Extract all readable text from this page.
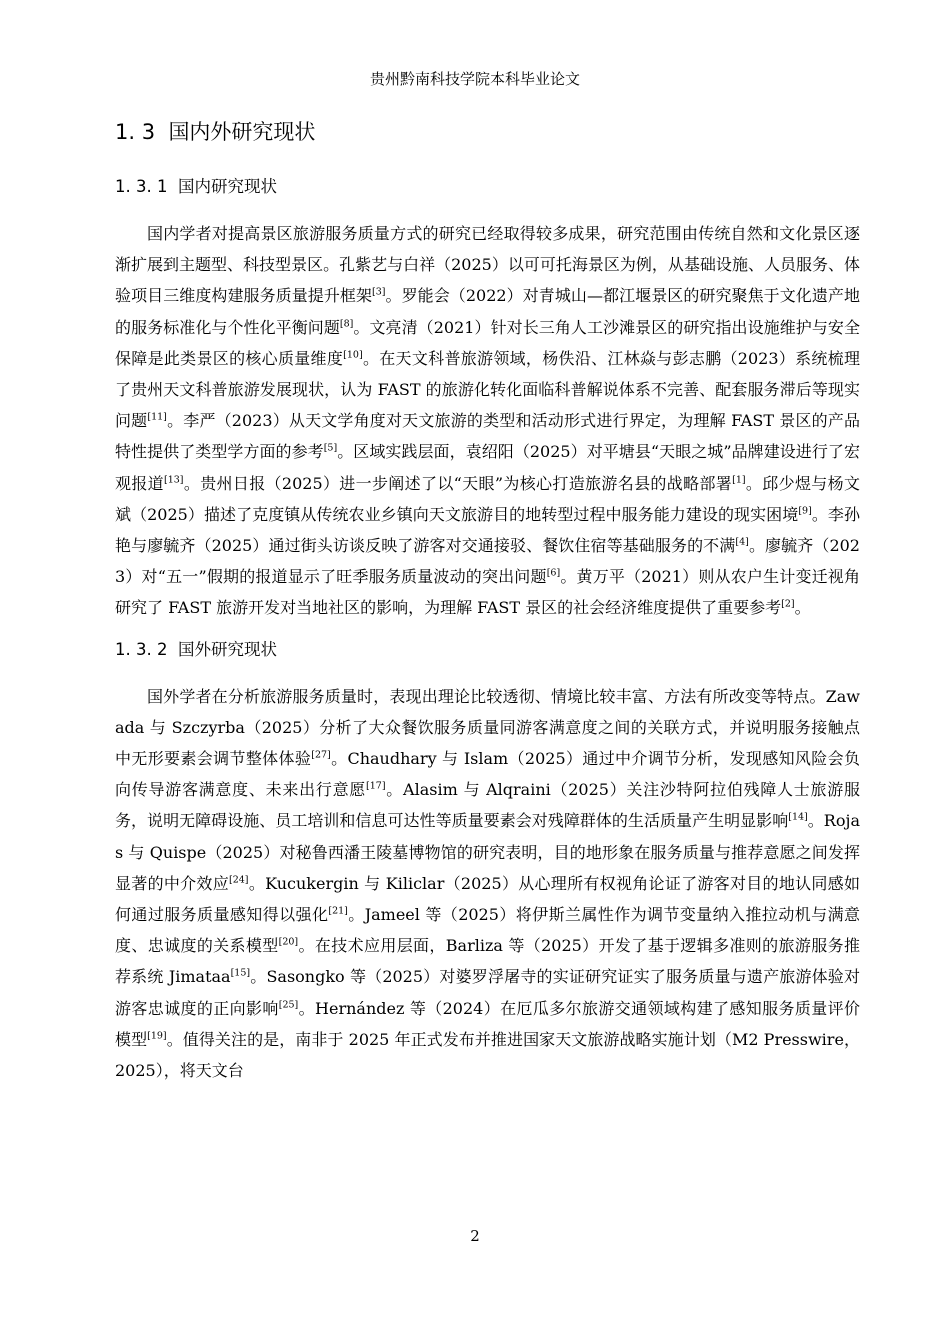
贵州黔南科技学院本科毕业论文
1. 3 国内外研究现状
1. 3. 1 国内研究现状

国内学者对提高景区旅游服务质量方式的研究已经取得较多成果，研究范围由传统自然和文化景区逐渐扩展到主题型、科技型景区。孔紫艺与白祥（2025）以可可托海景区为例，从基础设施、人员服务、体验项目三维度构建服务质量提升框架[3]。罗能会（2022）对青城山—都江堰景区的研究聚焦于文化遗产地的服务标准化与个性化平衡问题[8]。文亮清（2021）针对长三角人工沙滩景区的研究指出设施维护与安全保障是此类景区的核心质量维度[10]。在天文科普旅游领域，杨佚沿、江林焱与彭志鹏（2023）系统梳理了贵州天文科普旅游发展现状，认为 FAST 的旅游化转化面临科普解说体系不完善、配套服务滞后等现实问题[11]。李严（2023）从天文学角度对天文旅游的类型和活动形式进行界定，为理解 FAST 景区的产品特性提供了类型学方面的参考[5]。区域实践层面，袁绍阳（2025）对平塘县“天眼之城”品牌建设进行了宏观报道[13]。贵州日报（2025）进一步阐述了以“天眼”为核心打造旅游名县的战略部署[1]。邱少煜与杨文斌（2025）描述了克度镇从传统农业乡镇向天文旅游目的地转型过程中服务能力建设的现实困境[9]。李孙艳与廖毓齐（2025）通过街头访谈反映了游客对交通接驳、餐饮住宿等基础服务的不满[4]。廖毓齐（2023）对“五一”假期的报道显示了旺季服务质量波动的突出问题[6]。黄万平（2021）则从农户生计变迁视角研究了 FAST 旅游开发对当地社区的影响，为理解 FAST 景区的社会经济维度提供了重要参考[2]。

1. 3. 2 国外研究现状

国外学者在分析旅游服务质量时，表现出理论比较透彻、情境比较丰富、方法有所改变等特点。Zawada 与 Szczyrba（2025）分析了大众餐饮服务质量同游客满意度之间的关联方式，并说明服务接触点中无形要素会调节整体体验[27]。Chaudhary 与 Islam（2025）通过中介调节分析，发现感知风险会负向传导游客满意度、未来出行意愿[17]。Alasim 与 Alqraini（2025）关注沙特阿拉伯残障人士旅游服务，说明无障碍设施、员工培训和信息可达性等质量要素会对残障群体的生活质量产生明显影响[14]。Rojas 与 Quispe（2025）对秘鲁西潘王陵墓博物馆的研究表明，目的地形象在服务质量与推荐意愿之间发挥显著的中介效应[24]。Kucukergin 与 Kiliclar（2025）从心理所有权视角论证了游客对目的地认同感如何通过服务质量感知得以强化[21]。Jameel 等（2025）将伊斯兰属性作为调节变量纳入推拉动机与满意度、忠诚度的关系模型[20]。在技术应用层面，Barliza 等（2025）开发了基于逻辑多准则的旅游服务推荐系统 Jimataa[15]。Sasongko 等（2025）对婆罗浮屠寺的实证研究证实了服务质量与遗产旅游体验对游客忠诚度的正向影响[25]。Hernández 等（2024）在厄瓜多尔旅游交通领域构建了感知服务质量评价模型[19]。值得关注的是，南非于 2025 年正式发布并推进国家天文旅游战略实施计划（M2 Presswire，2025），将天文台

2
